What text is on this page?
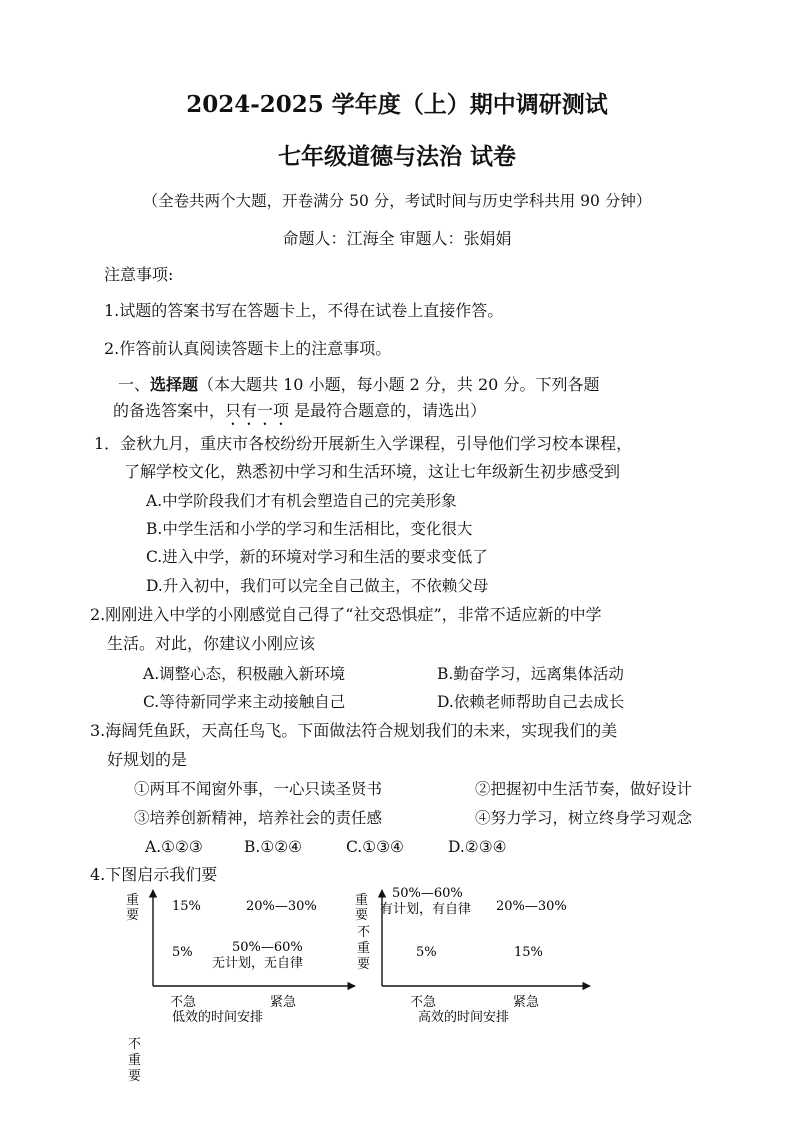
2024-2025 学年度（上）期中调研测试
七年级道德与法治 试卷
（全卷共两个大题，开卷满分 50 分，考试时间与历史学科共用 90 分钟）
命题人：江海全 审题人：张娟娟
注意事项:
1.试题的答案书写在答题卡上，不得在试卷上直接作答。
2.作答前认真阅读答题卡上的注意事项。
一、选择题（本大题共 10 小题，每小题 2 分，共 20 分。下列各题
的备选答案中，只有一项 是最符合题意的，请选出）
1．金秋九月，重庆市各校纷纷开展新生入学课程，引导他们学习校本课程，
了解学校文化，熟悉初中学习和生活环境，这让七年级新生初步感受到
A.中学阶段我们才有机会塑造自己的完美形象
B.中学生活和小学的学习和生活相比，变化很大
C.进入中学，新的环境对学习和生活的要求变低了
D.升入初中，我们可以完全自己做主，不依赖父母
2.刚刚进入中学的小刚感觉自己得了“社交恐惧症”，非常不适应新的中学
生活。对此，你建议小刚应该
A.调整心态，积极融入新环境	B.勤奋学习，远离集体活动
C.等待新同学来主动接触自己	D.依赖老师帮助自己去成长
3.海阔凭鱼跃，天高任鸟飞。下面做法符合规划我们的未来，实现我们的美
好规划的是
①两耳不闻窗外事，一心只读圣贤书	②把握初中生活节奏，做好设计
③培养创新精神，培养社会的责任感	④努力学习，树立终身学习观念
A.①②③	B.①②④	C.①③④	D.②③④
4.下图启示我们要
重要
不重要
不急	紧急
15%	20%—30%
5%	50%—60%
无计划，无自律
低效的时间安排
重要
不重要
不急	紧急
50%—60%
有计划，有自律 20%—30%
5%	15%
高效的时间安排
